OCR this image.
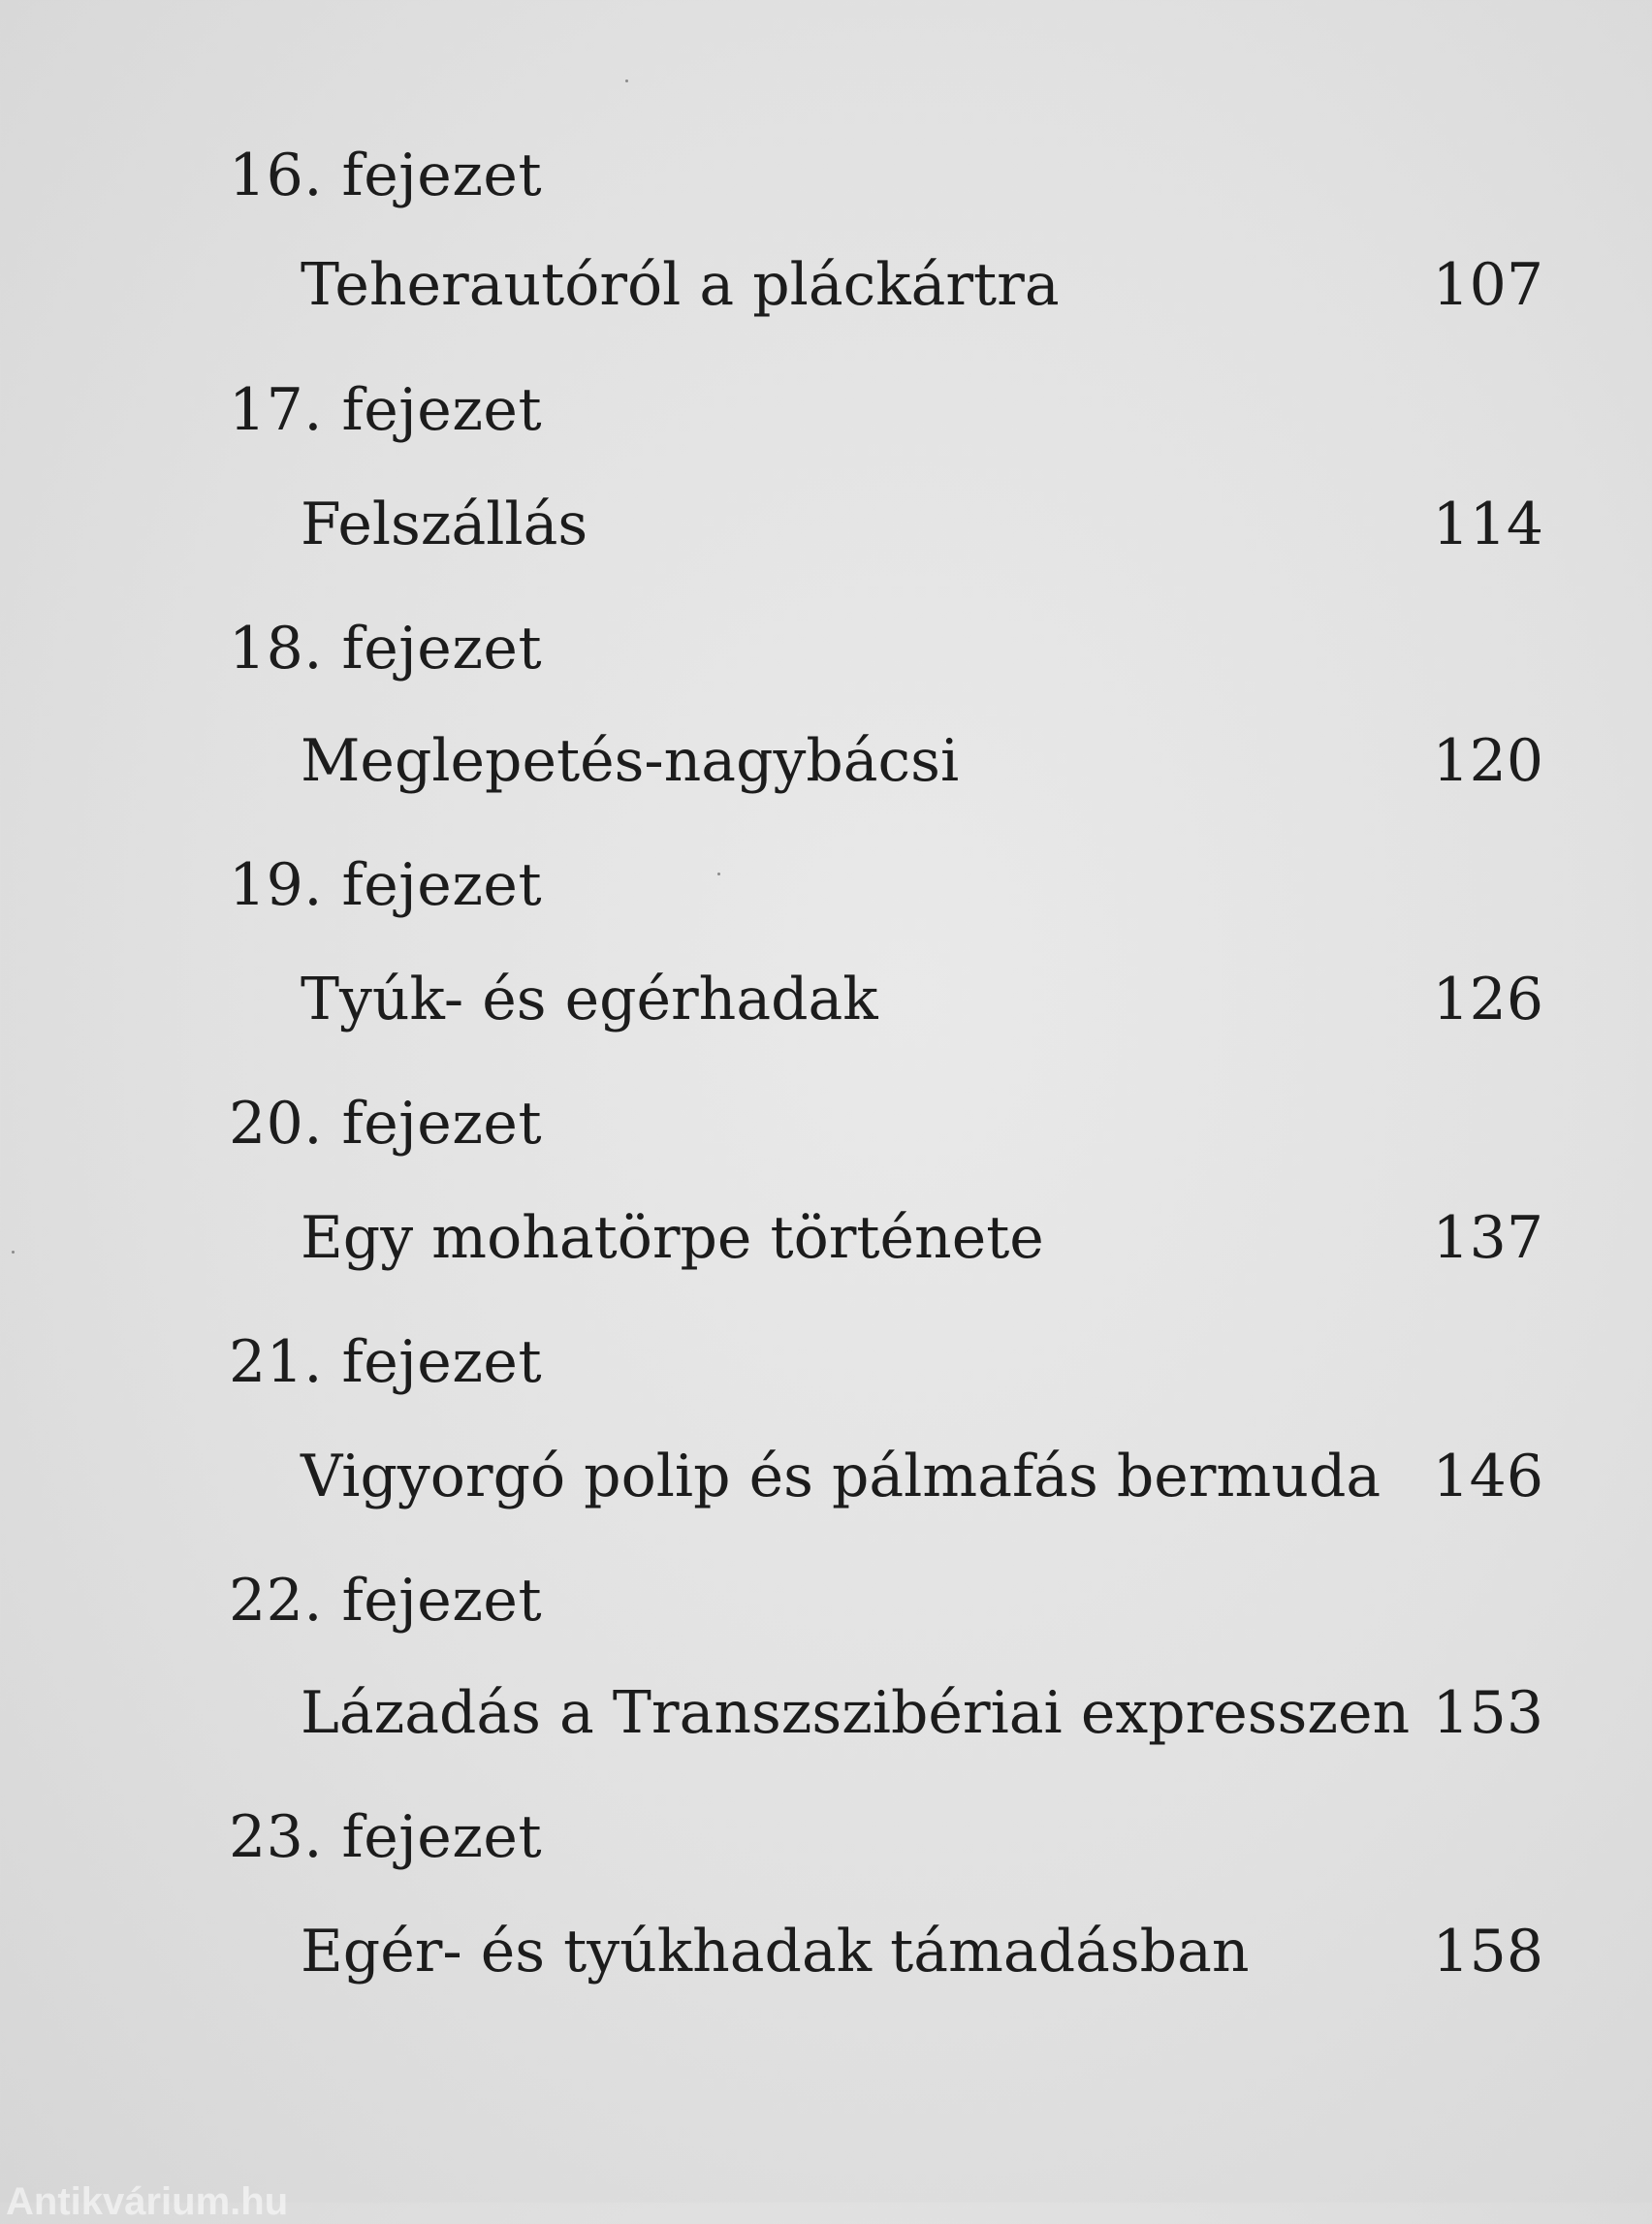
16. fejezet
Teherautóról a pláckártra	107
17. fejezet
Felszállás	114
18. fejezet
Meglepetés-nagybácsi	120
19. fejezet
Tyúk- és egérhadak	126
20. fejezet
Egy mohatörpe története	137
21. fejezet
Vigyorgó polip és pálmafás bermuda 146
22. fejezet
Lázadás a Transzszibériai expresszen 153
23. fejezet
Egér- és tyúkhadak támadásban	158
Antikvárium.hu
